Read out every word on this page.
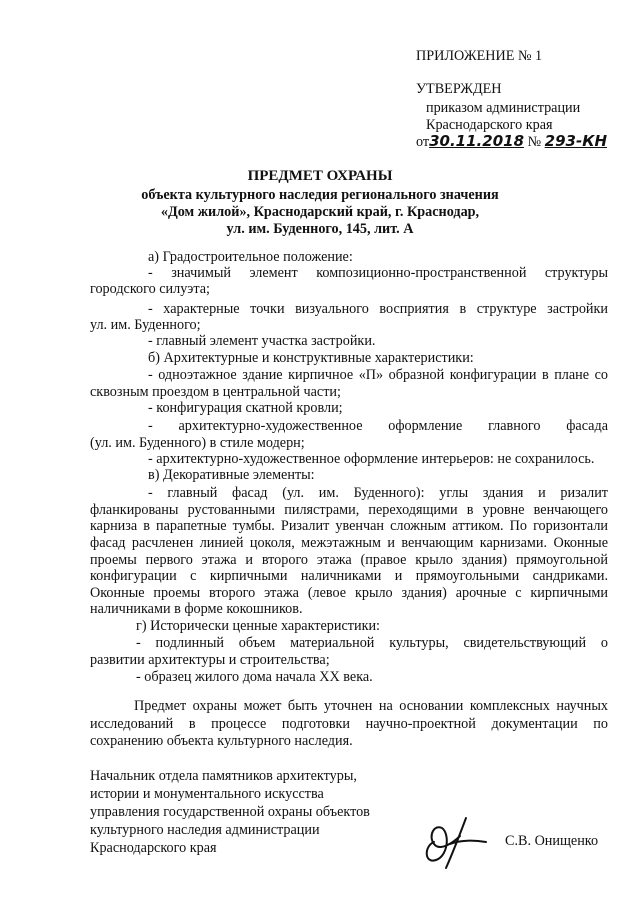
ПРИЛОЖЕНИЕ № 1
УТВЕРЖДЕН
приказом администрации
Краснодарского края
от30.11.2018 № 293-КН
ПРЕДМЕТ ОХРАНЫ
объекта культурного наследия регионального значения
«Дом жилой», Краснодарский край, г. Краснодар,
ул. им. Буденного, 145, лит. А
а) Градостроительное положение:
- значимый элемент композиционно-пространственной структуры
городского силуэта;
- характерные точки визуального восприятия в структуре застройки
ул. им. Буденного;
- главный элемент участка застройки.
б) Архитектурные и конструктивные характеристики:
- одноэтажное здание кирпичное «П» образной конфигурации в плане со
сквозным проездом в центральной части;
- конфигурация скатной кровли;
- архитектурно-художественное оформление главного фасада
(ул. им. Буденного) в стиле модерн;
- архитектурно-художественное оформление интерьеров: не сохранилось.
в) Декоративные элементы:
- главный фасад (ул. им. Буденного): углы здания и ризалит
фланкированы рустованными пилястрами, переходящими в уровне венчающего
карниза в парапетные тумбы. Ризалит увенчан сложным аттиком. По горизонтали
фасад расчленен линией цоколя, межэтажным и венчающим карнизами. Оконные
проемы первого этажа и второго этажа (правое крыло здания) прямоугольной
конфигурации с кирпичными наличниками и прямоугольными сандриками.
Оконные проемы второго этажа (левое крыло здания) арочные с кирпичными
наличниками в форме кокошников.
г) Исторически ценные характеристики:
- подлинный объем материальной культуры, свидетельствующий о
развитии архитектуры и строительства;
- образец жилого дома начала XX века.
Предмет охраны может быть уточнен на основании комплексных научных
исследований в процессе подготовки научно-проектной документации по
сохранению объекта культурного наследия.
Начальник отдела памятников архитектуры,
истории и монументального искусства
управления государственной охраны объектов
культурного наследия администрации
Краснодарского края	С.В. Онищенко
